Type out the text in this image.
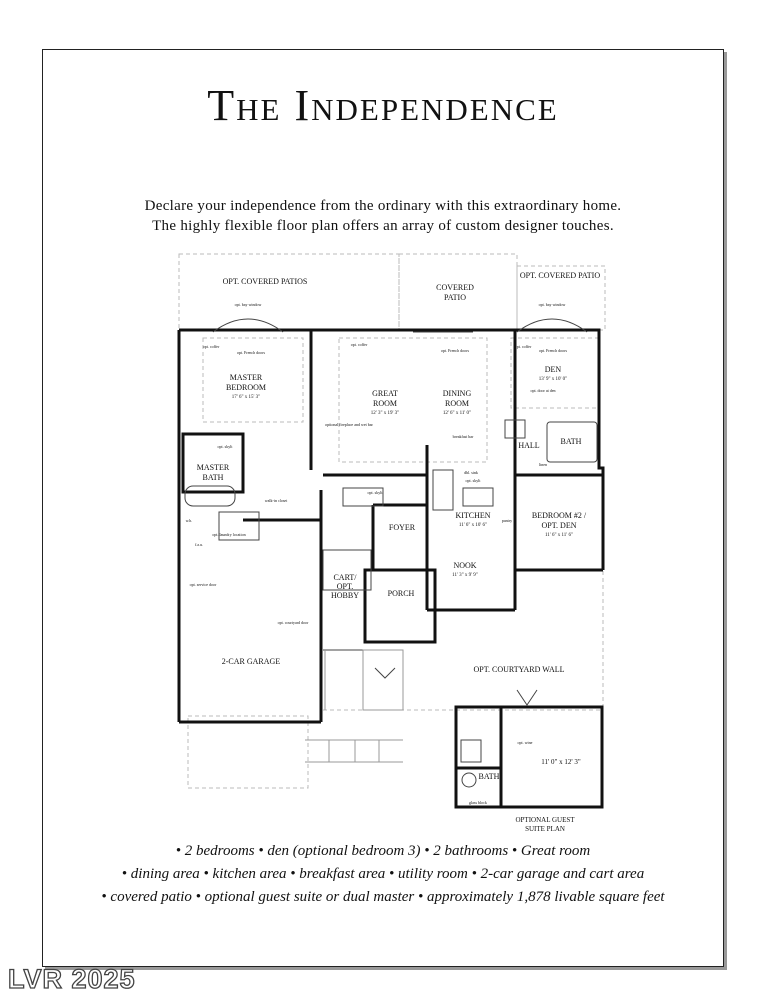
The Independence
Declare your independence from the ordinary with this extraordinary home.
The highly flexible floor plan offers an array of custom designer touches.
OPT. COVERED PATIOS
COVERED
PATIO
OPT. COVERED PATIO
MASTER
BEDROOM
17' 6" x 15' 3"	GREAT
ROOM
12' 3" x 19' 3"
DINING
ROOM
12' 6" x 11' 0"
DEN
13' 9" x 10' 0"
HALL	BATH
MASTER
BATH
KITCHEN
11' 6" x 10' 6"
BEDROOM #2 /
OPT. DEN
11' 6" x 11' 6"
FOYER
NOOK
11' 3" x 9' 9"
PORCH
CART/
OPT.
HOBBY
2-CAR GARAGE
OPT. COURTYARD WALL
11' 0" x 12' 3"
BATH
OPTIONAL GUEST
SUITE PLAN
opt. bay window	opt. bay window
opt. French doors	opt. French doors	opt. French doors
opt. coffer	opt. coffer	opt. coffer
walk-in closet
opt. laundry location
breakfast bar
opt. skylt
opt. skylt
opt. skylt
optional fireplace and wet bar
opt. courtyard door
opt. service door
glass block
pantry
linen
dbl. sink
opt. door at den
opt. wine
w.h.
f.a.u.
• 2 bedrooms • den (optional bedroom 3) • 2 bathrooms • Great room
• dining area • kitchen area • breakfast area • utility room • 2-car garage and cart area
• covered patio • optional guest suite or dual master • approximately 1,878 livable square feet
LVR 2025
